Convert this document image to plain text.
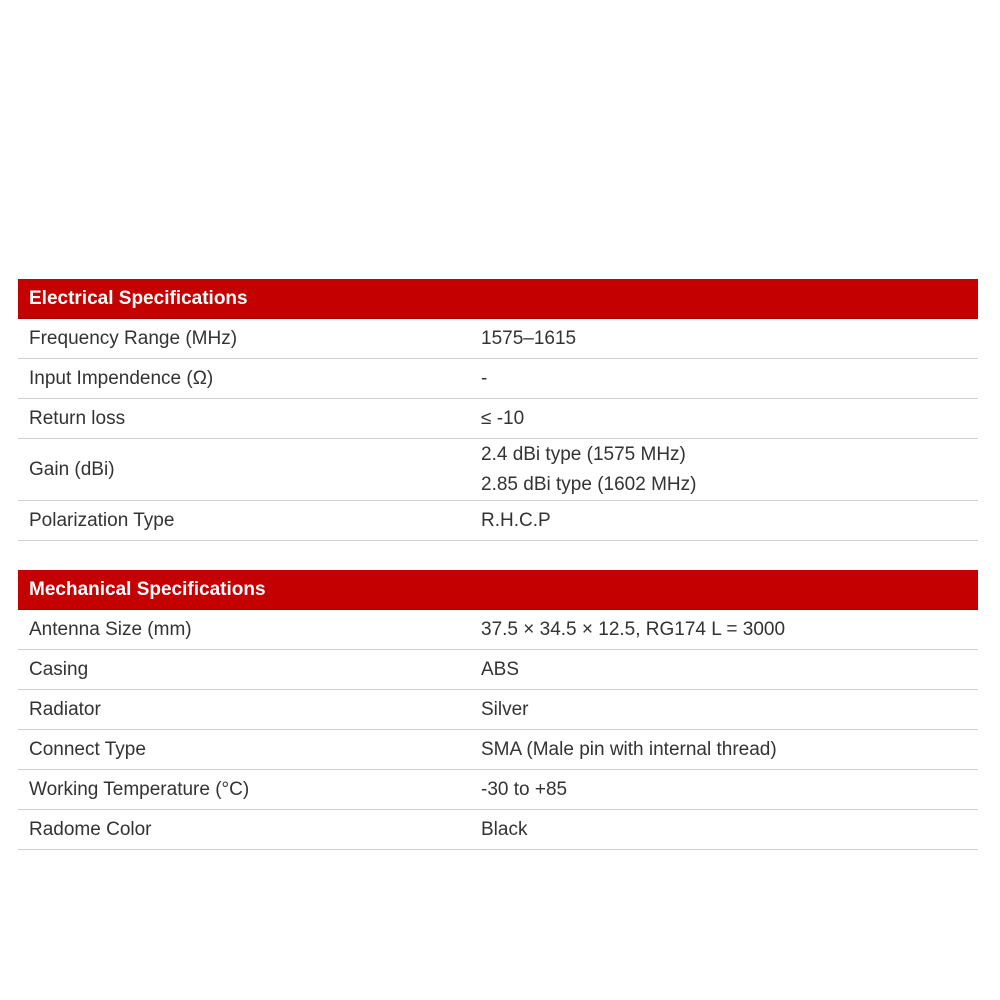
Electrical Specifications	
Frequency Range (MHz)	1575–1615

Input Impendence (Ω)	-

Return loss	≤ -10

Gain (dBi)	2.4 dBi type (1575 MHz)
2.85 dBi type (1602 MHz)

Polarization Type	R.H.C.P
Mechanical Specifications	
Antenna Size (mm)	37.5 × 34.5 × 12.5, RG174 L = 3000

Casing	ABS

Radiator	Silver

Connect Type	SMA (Male pin with internal thread)

Working Temperature (°C)	-30 to +85

Radome Color	Black
